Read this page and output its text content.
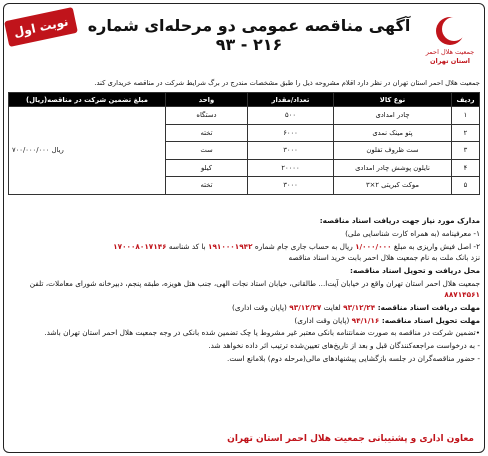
جمعیت هلال احمر
استان تهران
آگهی مناقصه عمومی دو مرحله‌ای شماره ۲۱۶ - ۹۳
نوبت اول
جمعیت هلال احمر استان تهران در نظر دارد اقلام مشروحه ذیل را طبق مشخصات مندرج در برگ شرایط شرکت در مناقصه خریداری کند.
ردیف	نوع کالا	تعداد/مقدار	واحد	مبلغ تضمین شرکت در مناقصه(ریال)
۱	چادر امدادی	۵۰۰	دستگاه	۷۰۰/۰۰۰/۰۰۰ ریال
۲	پتو مینک نمدی	۶۰۰۰	تخته	
۳	ست ظروف تفلون	۳۰۰۰	ست	
۴	نایلون پوشش چادر امدادی	۲۰۰۰۰	کیلو	
۵	موکت کبریتی ۲×۳	۳۰۰۰	تخته	

مدارک مورد نیاز جهت دریافت اسناد مناقصه:

۱- معرفینامه (به همراه کارت شناسایی ملی)

۲- اصل فیش واریزی به مبلغ ۱/۰۰۰/۰۰۰ ریال به حساب جاری جام شماره ۱۹۱۰۰۰۱۹۴۲ با کد شناسه ۱۷۰۰۰۸۰۱۷۱۴۶
نزد بانک ملت به نام جمعیت هلال احمر بابت خرید اسناد مناقصه

محل دریافت و تحویل اسناد مناقصه:

جمعیت هلال احمر استان تهران واقع در خیابان آیت‌ا... طالقانی، خیابان استاد نجات الهی، جنب هتل هویزه، طبقه پنجم، دبیرخانه شورای معاملات، تلفن ۸۸۷۱۴۵۶۱

مهلت دریافت اسناد مناقصه: ۹۳/۱۲/۲۴ لغایت ۹۳/۱۲/۲۷ (پایان وقت اداری)

مهلت تحویل اسناد مناقصه: ۹۴/۱/۱۶ (پایان وقت اداری)

•تضمین شرکت در مناقصه به صورت ضمانتنامه بانکی معتبر غیر مشروط یا چک تضمین شده بانکی در وجه جمعیت هلال احمر استان تهران باشد.

- به درخواست مراجعه‌کنندگان قبل و بعد از تاریخ‌های تعیین‌شده ترتیب اثر داده نخواهد شد.

- حضور مناقصه‌گران در جلسه بازگشایی پیشنهادهای مالی(مرحله دوم) بلامانع است.

معاون اداری و پشتیبانی جمعیت هلال احمر استان تهران
